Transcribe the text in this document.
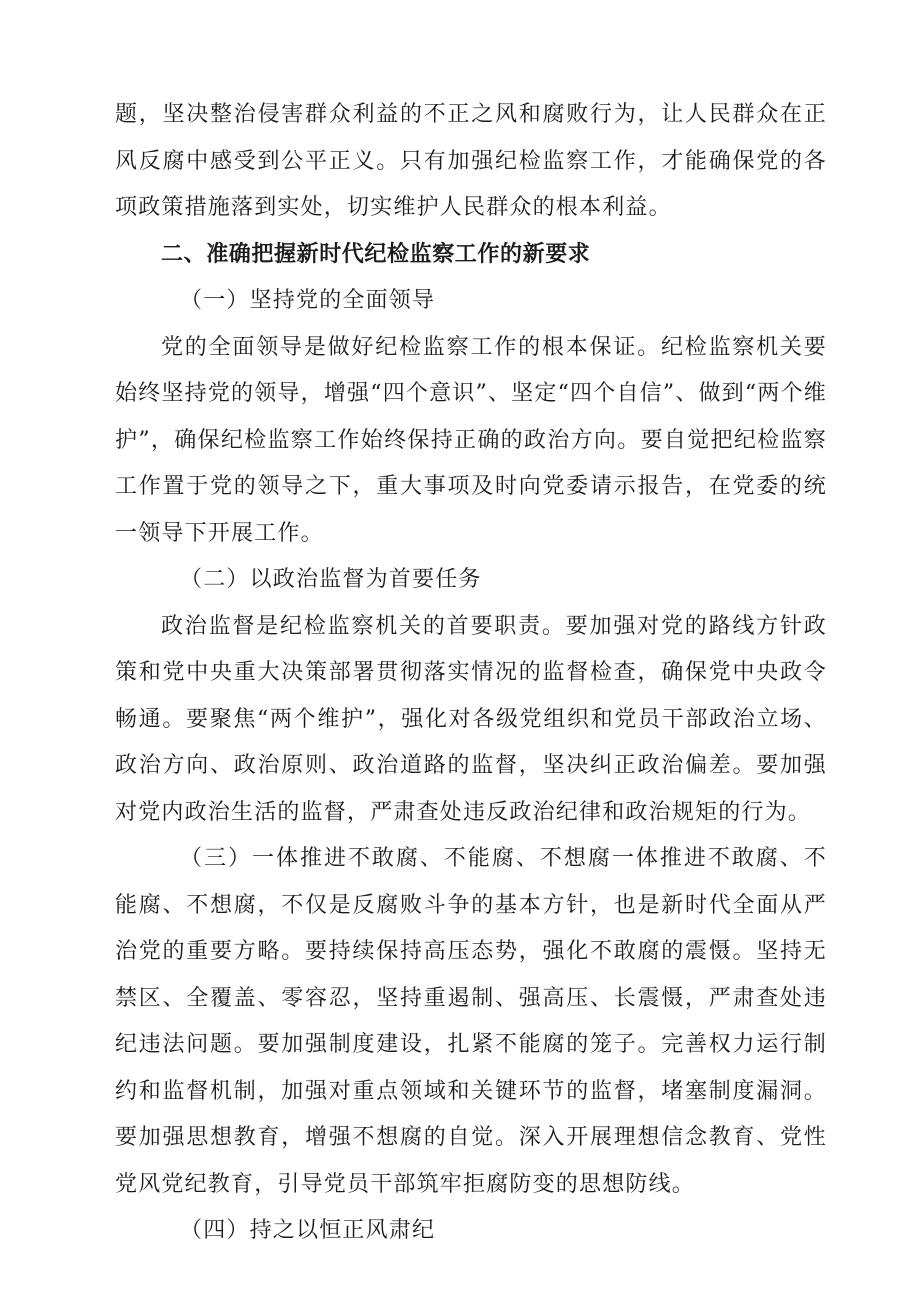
题，坚决整治侵害群众利益的不正之风和腐败行为，让人民群众在正风反腐中感受到公平正义。只有加强纪检监察工作，才能确保党的各项政策措施落到实处，切实维护人民群众的根本利益。

二、准确把握新时代纪检监察工作的新要求

（一）坚持党的全面领导

党的全面领导是做好纪检监察工作的根本保证。纪检监察机关要始终坚持党的领导，增强“四个意识”、坚定“四个自信”、做到“两个维护”，确保纪检监察工作始终保持正确的政治方向。要自觉把纪检监察工作置于党的领导之下，重大事项及时向党委请示报告，在党委的统一领导下开展工作。

（二）以政治监督为首要任务

政治监督是纪检监察机关的首要职责。要加强对党的路线方针政策和党中央重大决策部署贯彻落实情况的监督检查，确保党中央政令畅通。要聚焦“两个维护”，强化对各级党组织和党员干部政治立场、政治方向、政治原则、政治道路的监督，坚决纠正政治偏差。要加强对党内政治生活的监督，严肃查处违反政治纪律和政治规矩的行为。

（三）一体推进不敢腐、不能腐、不想腐一体推进不敢腐、不能腐、不想腐，不仅是反腐败斗争的基本方针，也是新时代全面从严治党的重要方略。要持续保持高压态势，强化不敢腐的震慑。坚持无禁区、全覆盖、零容忍，坚持重遏制、强高压、长震慑，严肃查处违纪违法问题。要加强制度建设，扎紧不能腐的笼子。完善权力运行制约和监督机制，加强对重点领域和关键环节的监督，堵塞制度漏洞。要加强思想教育，增强不想腐的自觉。深入开展理想信念教育、党性党风党纪教育，引导党员干部筑牢拒腐防变的思想防线。

（四）持之以恒正风肃纪
